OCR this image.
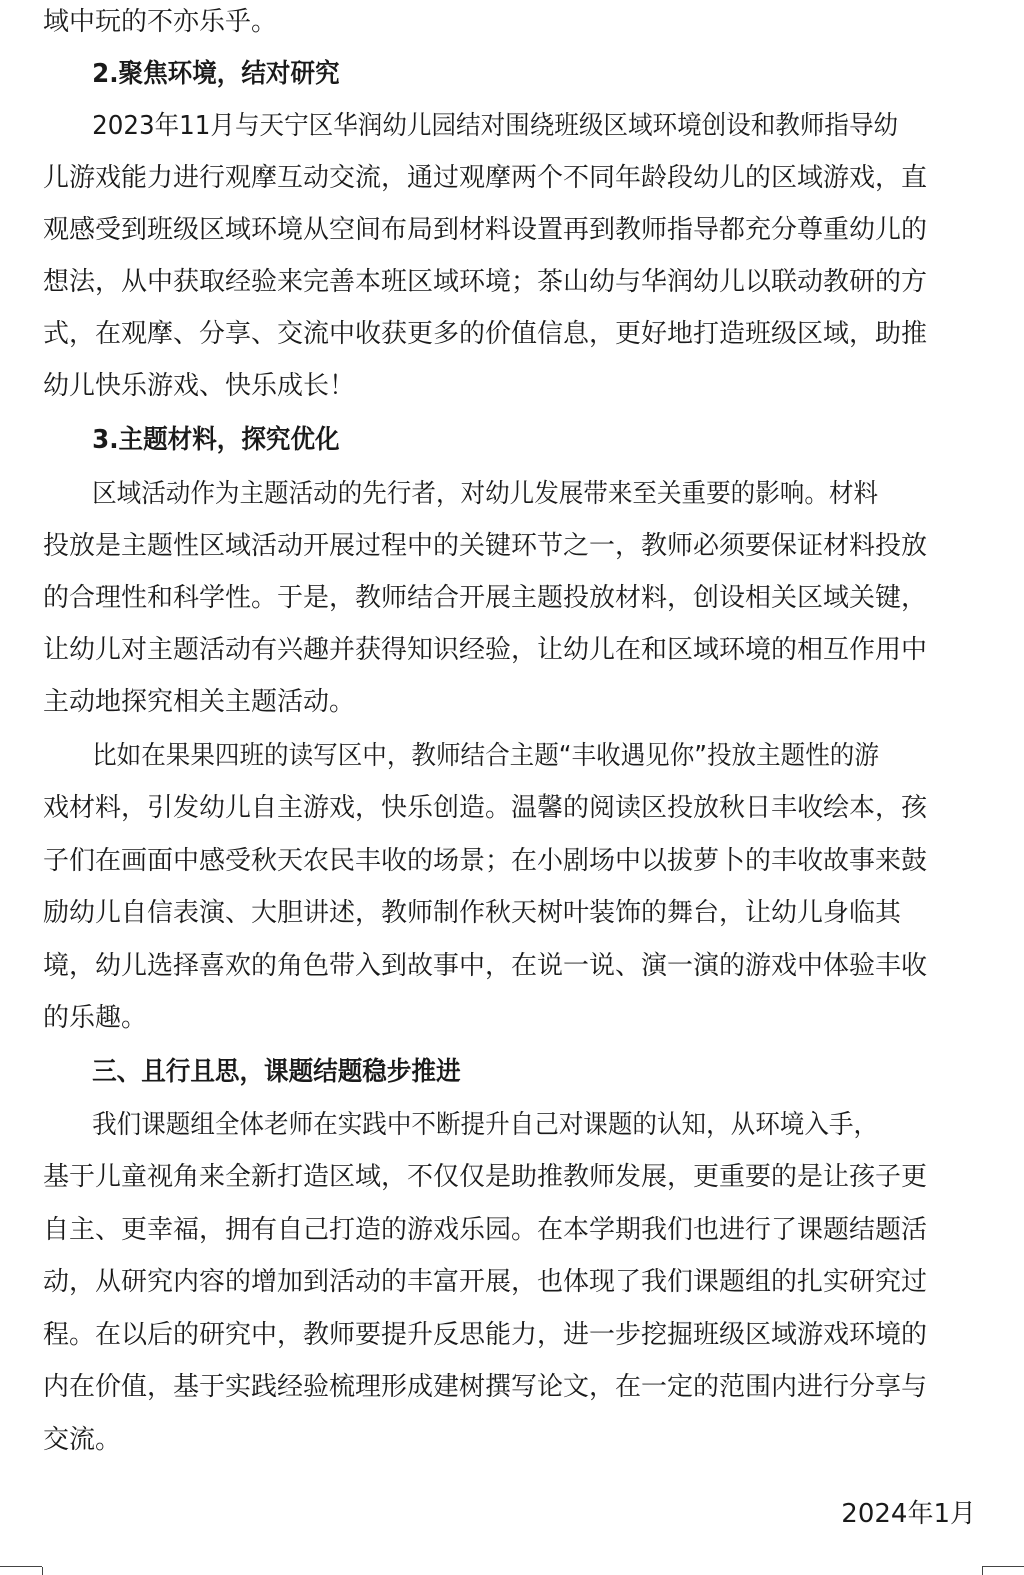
域中玩的不亦乐乎。
2.聚焦环境，结对研究
2023年11月与天宁区华润幼儿园结对围绕班级区域环境创设和教师指导幼
儿游戏能力进行观摩互动交流，通过观摩两个不同年龄段幼儿的区域游戏，直
观感受到班级区域环境从空间布局到材料设置再到教师指导都充分尊重幼儿的
想法，从中获取经验来完善本班区域环境；茶山幼与华润幼儿以联动教研的方
式，在观摩、分享、交流中收获更多的价值信息，更好地打造班级区域，助推
幼儿快乐游戏、快乐成长！
3.主题材料，探究优化
区域活动作为主题活动的先行者，对幼儿发展带来至关重要的影响。材料
投放是主题性区域活动开展过程中的关键环节之一，教师必须要保证材料投放
的合理性和科学性。于是，教师结合开展主题投放材料，创设相关区域关键，
让幼儿对主题活动有兴趣并获得知识经验，让幼儿在和区域环境的相互作用中
主动地探究相关主题活动。
比如在果果四班的读写区中，教师结合主题“丰收遇见你”投放主题性的游
戏材料，引发幼儿自主游戏，快乐创造。温馨的阅读区投放秋日丰收绘本，孩
子们在画面中感受秋天农民丰收的场景；在小剧场中以拔萝卜的丰收故事来鼓
励幼儿自信表演、大胆讲述，教师制作秋天树叶装饰的舞台，让幼儿身临其
境，幼儿选择喜欢的角色带入到故事中，在说一说、演一演的游戏中体验丰收
的乐趣。
三、且行且思，课题结题稳步推进
我们课题组全体老师在实践中不断提升自己对课题的认知，从环境入手，
基于儿童视角来全新打造区域，不仅仅是助推教师发展，更重要的是让孩子更
自主、更幸福，拥有自己打造的游戏乐园。在本学期我们也进行了课题结题活
动，从研究内容的增加到活动的丰富开展，也体现了我们课题组的扎实研究过
程。在以后的研究中，教师要提升反思能力，进一步挖掘班级区域游戏环境的
内在价值，基于实践经验梳理形成建树撰写论文，在一定的范围内进行分享与
交流。
2024年1月
